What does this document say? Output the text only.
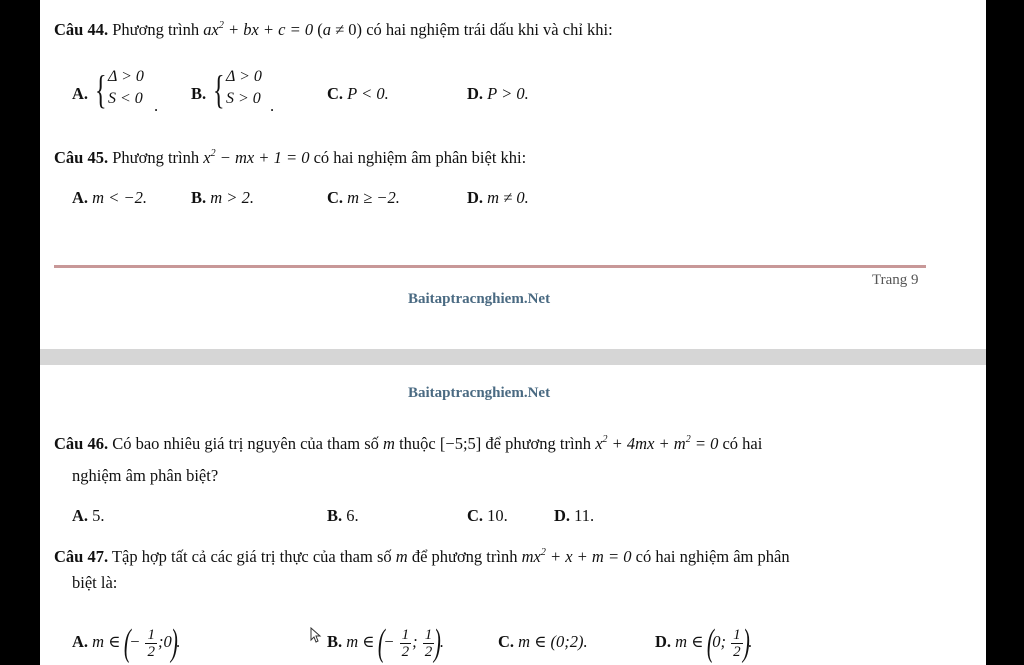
Câu 44. Phương trình $ax^2$ + bx + c = 0 (a ≠ 0) có hai nghiệm trái dấu khi và chỉ khi:
A. { Δ > 0
S < 0 .
B. { Δ > 0
S > 0 .
C. P < 0.	D. P > 0.
Câu 45. Phương trình $x^2$ − mx + 1 = 0 có hai nghiệm âm phân biệt khi:
A. m < −2.	B. m > 2.	C. m ≥ −2.	D. m ≠ 0.
Trang 9
Baitaptracnghiem.Net
Baitaptracnghiem.Net
Câu 46. Có bao nhiêu giá trị nguyên của tham số m thuộc [−5;5] để phương trình $x^2 + 4mx + m^2 = 0$ có hai
nghiệm âm phân biệt?
A. 5.	B. 6.	C. 10.	D. 11.
Câu 47. Tập hợp tất cả các giá trị thực của tham số m để phương trình $mx^2 + x + m = 0$ có hai nghiệm âm phân
biệt là:
A. m ∈ (− $\frac{1}{2}$ ;0).	B. m ∈ (− $\frac{1}{2}$ ; $\frac{1}{2}$ ).	C. m ∈ (0;2).	D. m ∈ (0; $\frac{1}{2}$ ).
